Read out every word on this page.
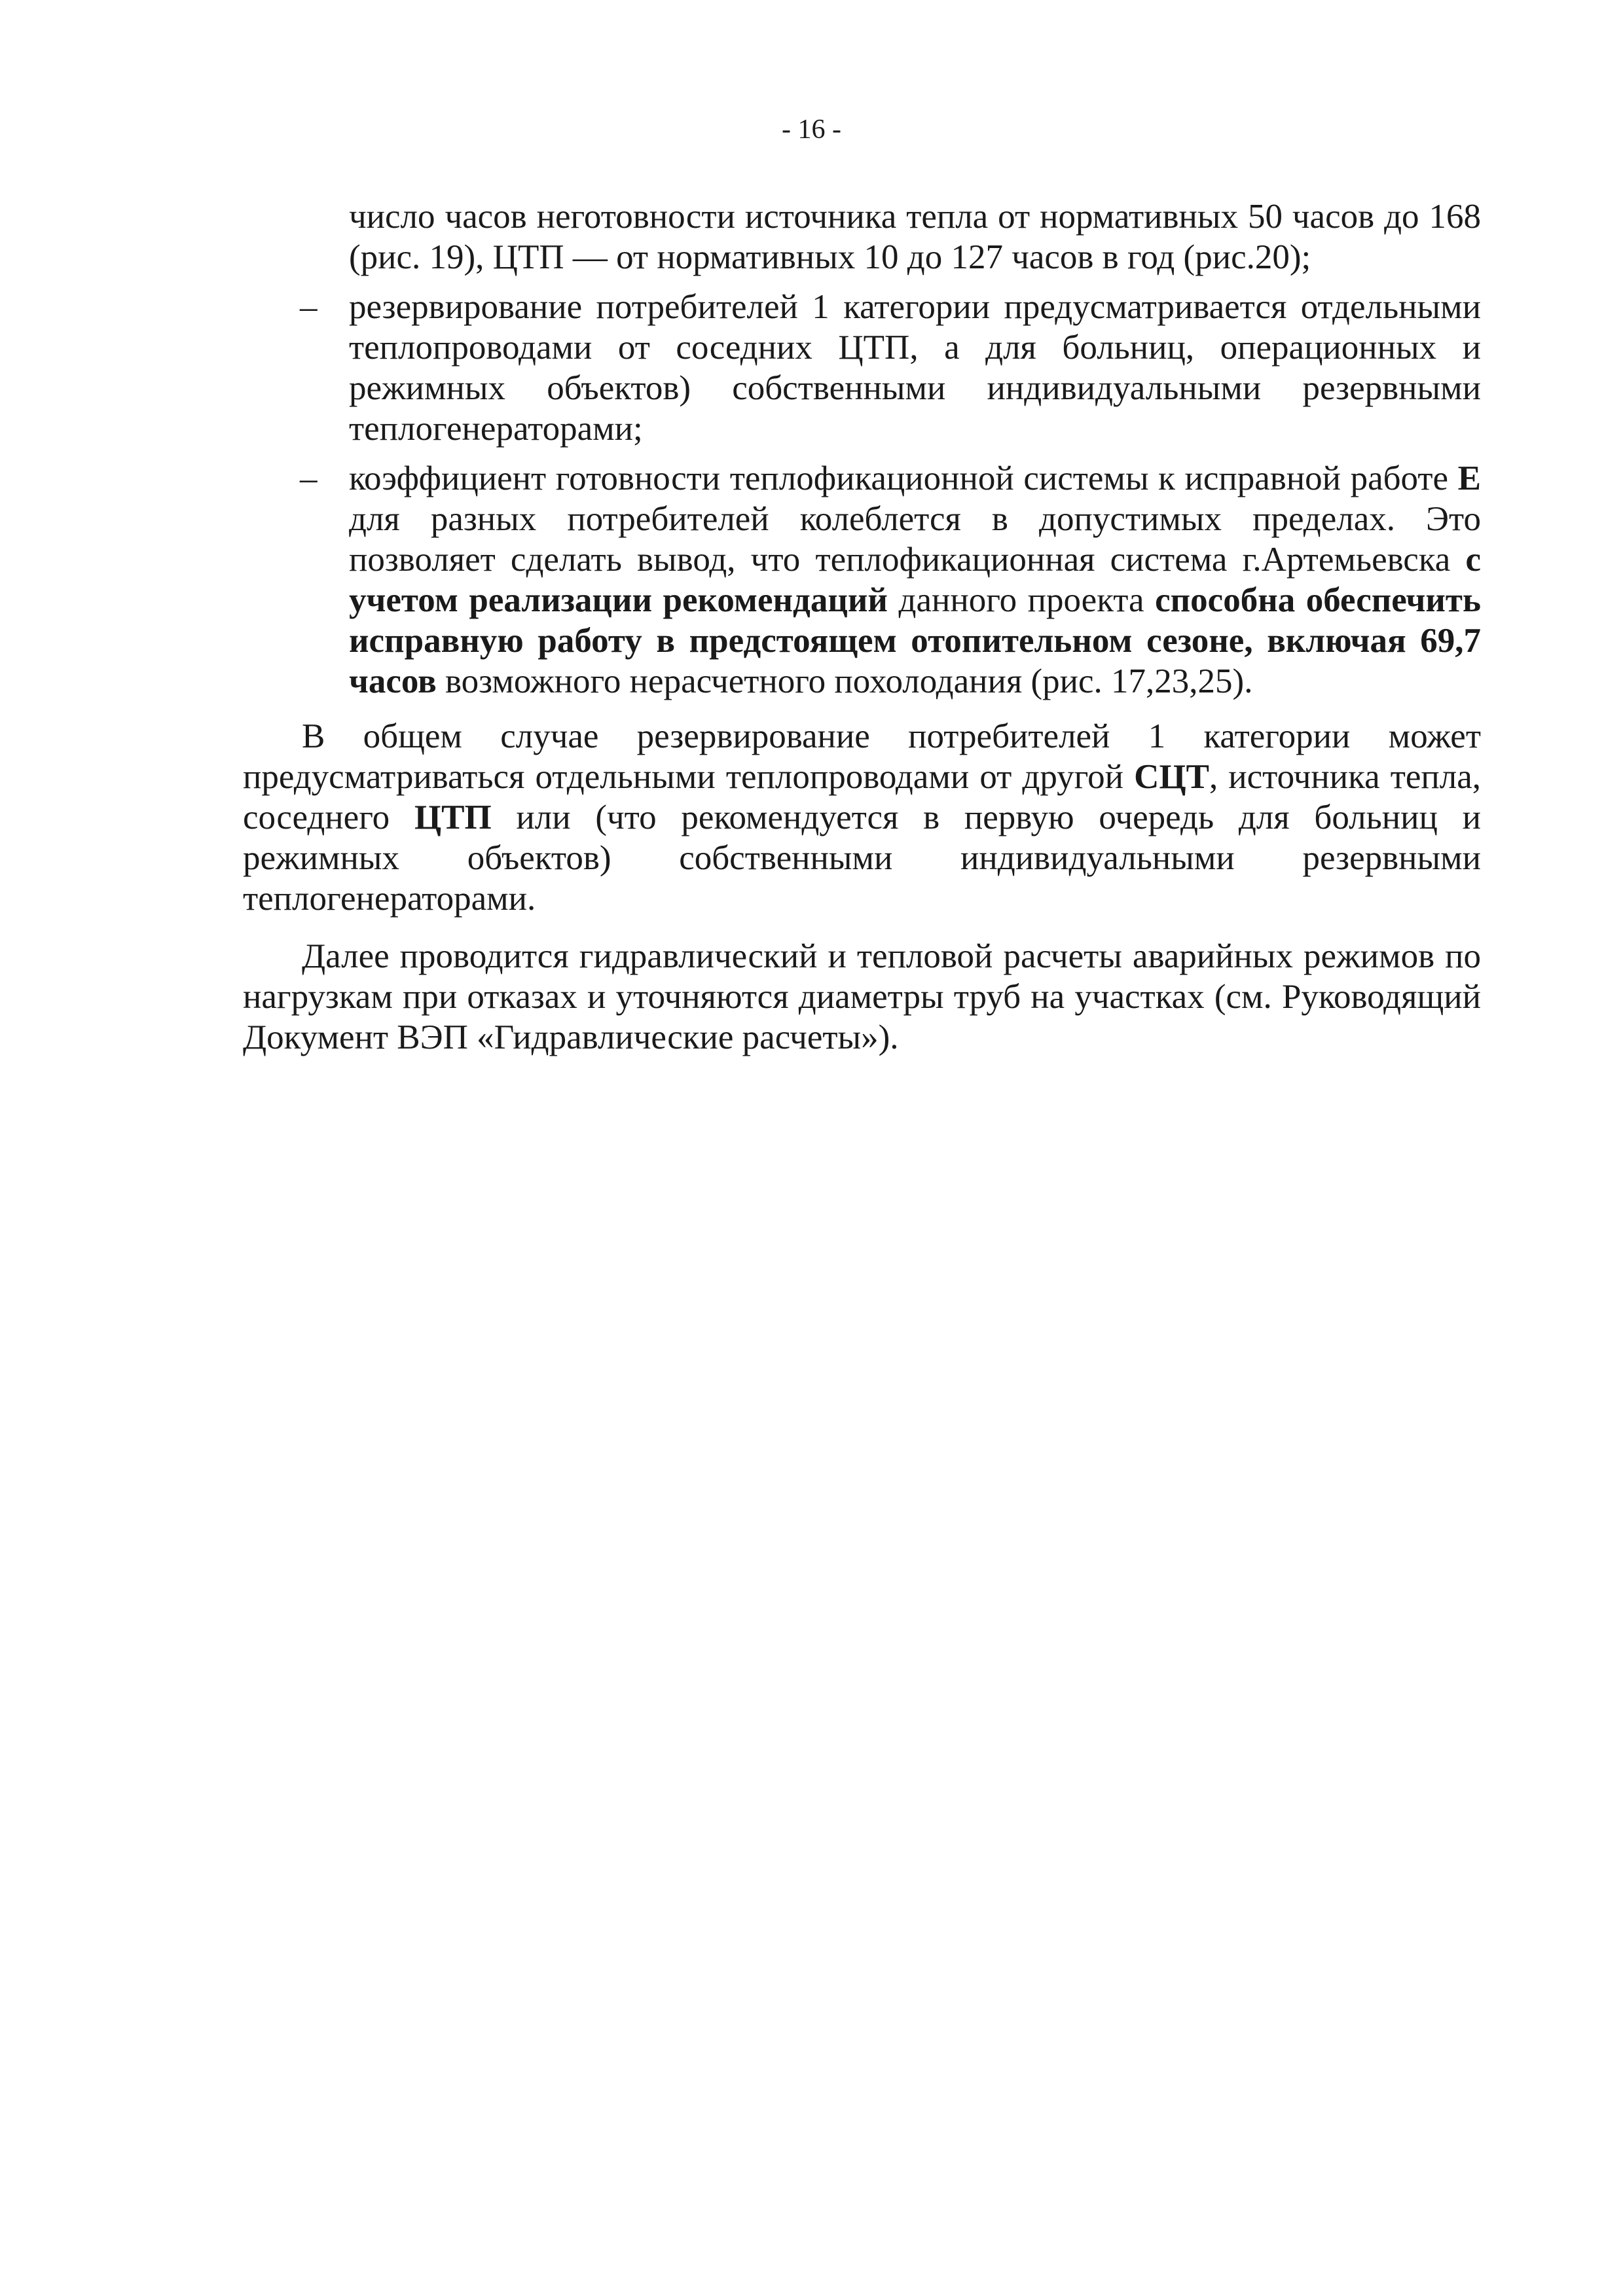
- 16 -
число часов неготовности источника тепла от нормативных 50 часов до 168 (рис. 19), ЦТП — от нормативных 10 до 127 часов в год (рис.20);
– резервирование потребителей 1 категории предусматривается отдельными теплопроводами от соседних ЦТП, а для больниц, операционных и режимных объектов) собственными индивидуальными резервными теплогенераторами;
– коэффициент готовности теплофикационной системы к исправной работе Е для разных потребителей колеблется в допустимых пределах. Это позволяет сделать вывод, что теплофикационная система г.Артемьевска с учетом реализации рекомендаций данного проекта способна обеспечить исправную работу в предстоящем отопительном сезоне, включая 69,7 часов возможного нерасчетного похолодания (рис. 17,23,25).

В общем случае резервирование потребителей 1 категории может предусматриваться отдельными теплопроводами от другой СЦТ, источника тепла, соседнего ЦТП или (что рекомендуется в первую очередь для больниц и режимных объектов) собственными индивидуальными резервными теплогенераторами.

Далее проводится гидравлический и тепловой расчеты аварийных режимов по нагрузкам при отказах и уточняются диаметры труб на участках (см. Руководящий Документ ВЭП «Гидравлические расчеты»).
